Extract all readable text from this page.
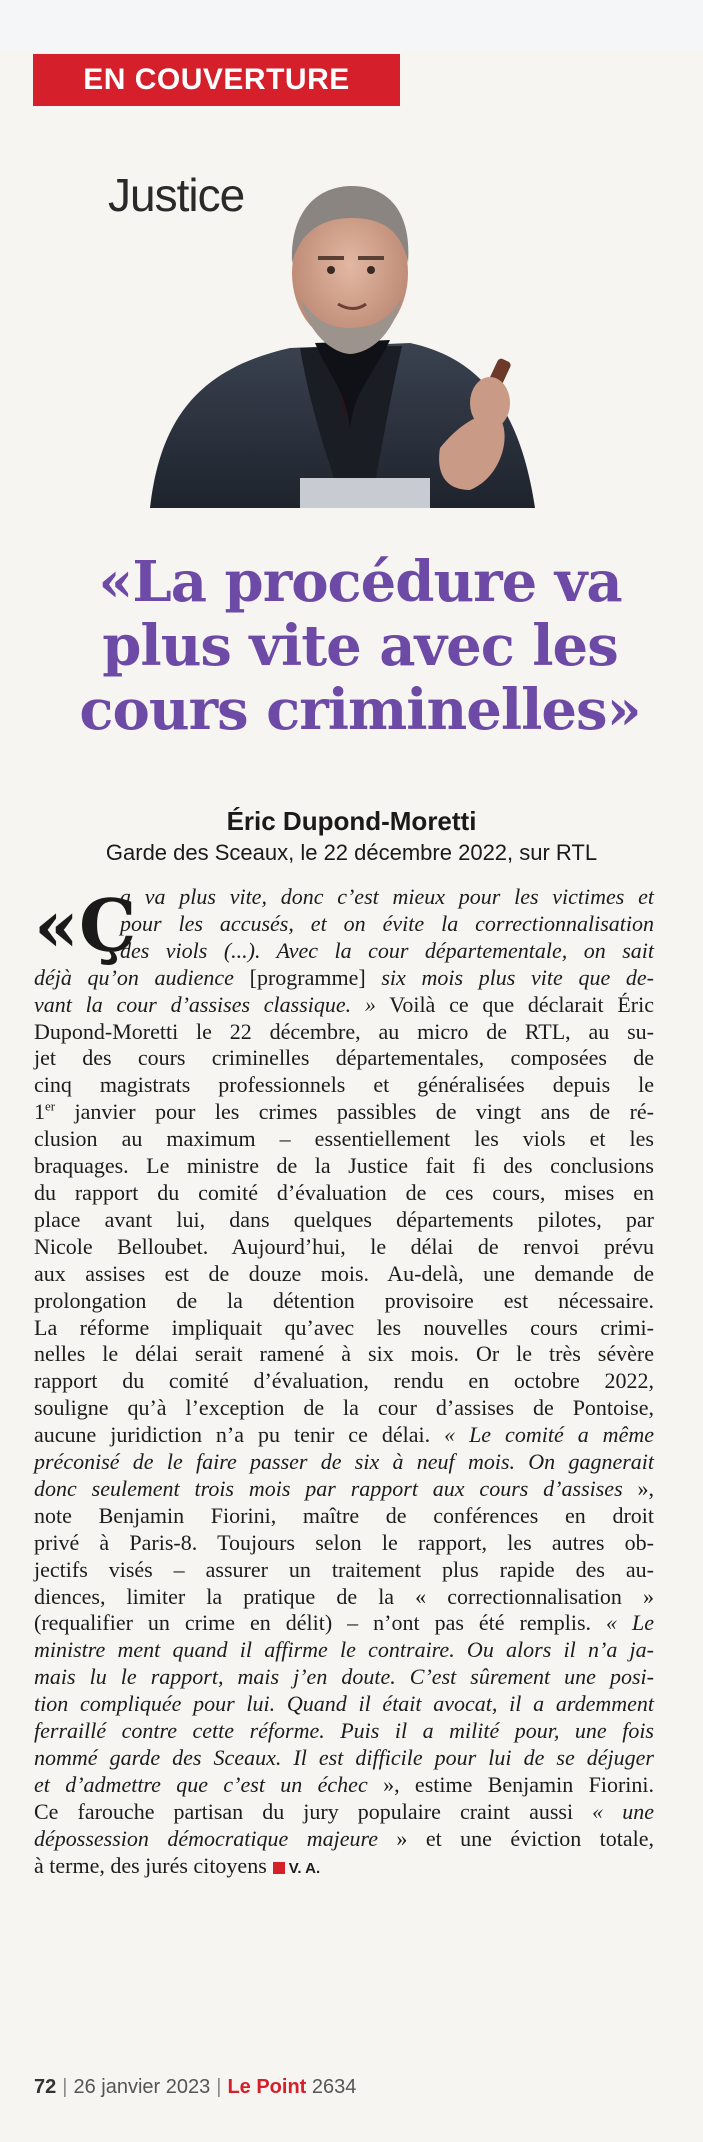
EN COUVERTURE
Justice
«La procédure va
plus vite avec les
cours criminelles»
Éric Dupond-Moretti
Garde des Sceaux, le 22 décembre 2022, sur RTL
«Ç
a va plus vite, donc c’est mieux pour les victimes et
pour les accusés, et on évite la correctionnalisation
des viols (...). Avec la cour départementale, on sait
déjà qu’on audience [programme] six mois plus vite que de-
vant la cour d’assises classique. » Voilà ce que déclarait Éric
Dupond-Moretti le 22 décembre, au micro de RTL, au su-
jet des cours criminelles départementales, composées de
cinq magistrats professionnels et généralisées depuis le
1er janvier pour les crimes passibles de vingt ans de ré-
clusion au maximum – essentiellement les viols et les
braquages. Le ministre de la Justice fait fi des conclusions
du rapport du comité d’évaluation de ces cours, mises en
place avant lui, dans quelques départements pilotes, par
Nicole Belloubet. Aujourd’hui, le délai de renvoi prévu
aux assises est de douze mois. Au-delà, une demande de
prolongation de la détention provisoire est nécessaire.
La réforme impliquait qu’avec les nouvelles cours crimi-
nelles le délai serait ramené à six mois. Or le très sévère
rapport du comité d’évaluation, rendu en octobre 2022,
souligne qu’à l’exception de la cour d’assises de Pontoise,
aucune juridiction n’a pu tenir ce délai. « Le comité a même
préconisé de le faire passer de six à neuf mois. On gagnerait
donc seulement trois mois par rapport aux cours d’assises »,
note Benjamin Fiorini, maître de conférences en droit
privé à Paris-8. Toujours selon le rapport, les autres ob-
jectifs visés – assurer un traitement plus rapide des au-
diences, limiter la pratique de la « correctionnalisation »
(requalifier un crime en délit) – n’ont pas été remplis. « Le
ministre ment quand il affirme le contraire. Ou alors il n’a ja-
mais lu le rapport, mais j’en doute. C’est sûrement une posi-
tion compliquée pour lui. Quand il était avocat, il a ardemment
ferraillé contre cette réforme. Puis il a milité pour, une fois
nommé garde des Sceaux. Il est difficile pour lui de se déjuger
et d’admettre que c’est un échec », estime Benjamin Fiorini.
Ce farouche partisan du jury populaire craint aussi « une
dépossession démocratique majeure » et une éviction totale,
à terme, des jurés citoyens V. A.
72 | 26 janvier 2023 | Le Point 2634
